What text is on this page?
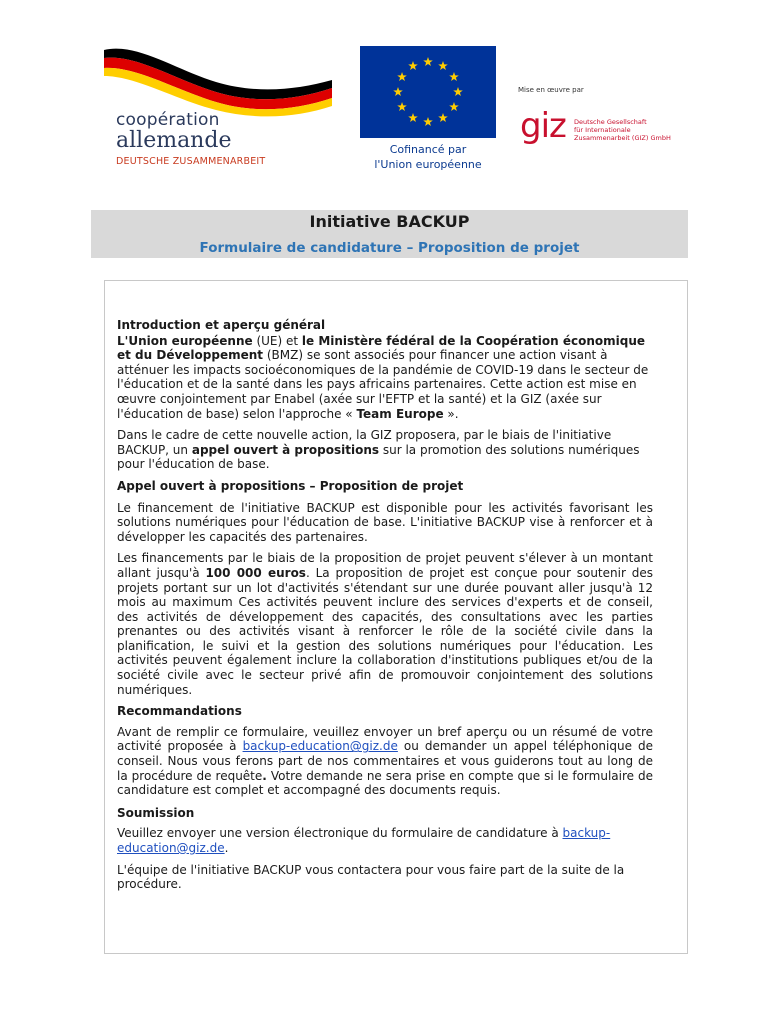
coopération
allemande
DEUTSCHE ZUSAMMENARBEIT
Cofinancé par
l'Union européenne
Mise en œuvre par
giz Deutsche Gesellschaft
für Internationale
Zusammenarbeit (GIZ) GmbH
Initiative BACKUP
Formulaire de candidature – Proposition de projet
Introduction et aperçu général

L'Union européenne (UE) et le Ministère fédéral de la Coopération économique et du Développement (BMZ) se sont associés pour financer une action visant à atténuer les impacts socioéconomiques de la pandémie de COVID-19 dans le secteur de l'éducation et de la santé dans les pays africains partenaires. Cette action est mise en œuvre conjointement par Enabel (axée sur l'EFTP et la santé) et la GIZ (axée sur l'éducation de base) selon l'approche « Team Europe ».

Dans le cadre de cette nouvelle action, la GIZ proposera, par le biais de l'initiative BACKUP, un appel ouvert à propositions sur la promotion des solutions numériques pour l'éducation de base.

Appel ouvert à propositions – Proposition de projet

Le financement de l'initiative BACKUP est disponible pour les activités favorisant les solutions numériques pour l'éducation de base. L'initiative BACKUP vise à renforcer et à développer les capacités des partenaires.

Les financements par le biais de la proposition de projet peuvent s'élever à un montant allant jusqu'à 100 000 euros. La proposition de projet est conçue pour soutenir des projets portant sur un lot d'activités s'étendant sur une durée pouvant aller jusqu'à 12 mois au maximum Ces activités peuvent inclure des services d'experts et de conseil, des activités de développement des capacités, des consultations avec les parties prenantes ou des activités visant à renforcer le rôle de la société civile dans la planification, le suivi et la gestion des solutions numériques pour l'éducation. Les activités peuvent également inclure la collaboration d'institutions publiques et/ou de la société civile avec le secteur privé afin de promouvoir conjointement des solutions numériques.

Recommandations

Avant de remplir ce formulaire, veuillez envoyer un bref aperçu ou un résumé de votre activité proposée à backup-education@giz.de ou demander un appel téléphonique de conseil. Nous vous ferons part de nos commentaires et vous guiderons tout au long de la procédure de requête. Votre demande ne sera prise en compte que si le formulaire de candidature est complet et accompagné des documents requis.

Soumission

Veuillez envoyer une version électronique du formulaire de candidature à backup-education@giz.de.

L'équipe de l'initiative BACKUP vous contactera pour vous faire part de la suite de la procédure.
